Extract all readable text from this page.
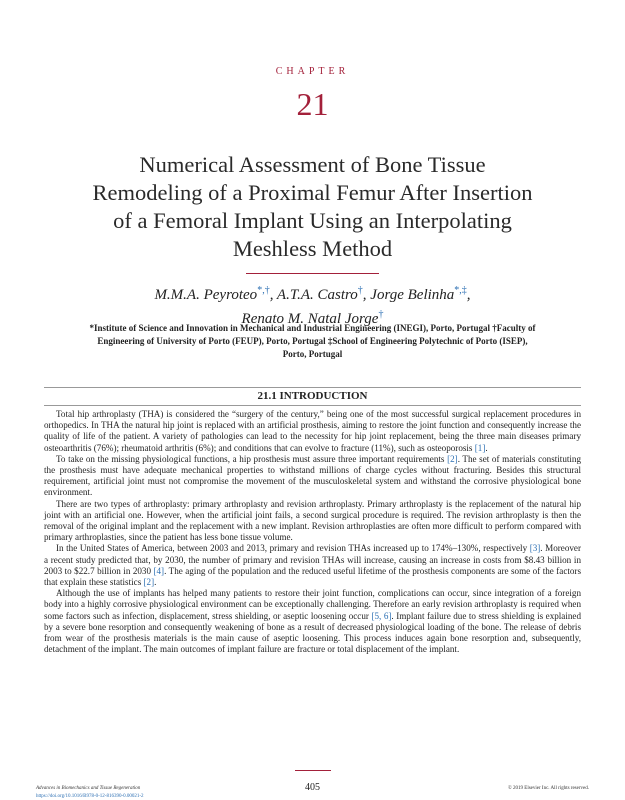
CHAPTER
21
Numerical Assessment of Bone Tissue
Remodeling of a Proximal Femur After Insertion
of a Femoral Implant Using an Interpolating
Meshless Method
M.M.A. Peyroteo*,†, A.T.A. Castro†, Jorge Belinha*,‡,
Renato M. Natal Jorge†
*Institute of Science and Innovation in Mechanical and Industrial Engineering (INEGI), Porto, Portugal †Faculty of
Engineering of University of Porto (FEUP), Porto, Portugal ‡School of Engineering Polytechnic of Porto (ISEP),
Porto, Portugal
21.1 INTRODUCTION

Total hip arthroplasty (THA) is considered the “surgery of the century,” being one of the most successful surgical replacement procedures in orthopedics. In THA the natural hip joint is replaced with an artificial prosthesis, aiming to restore the joint function and consequently increase the quality of life of the patient. A variety of pathologies can lead to the necessity for hip joint replacement, being the three main diseases primary osteoarthritis (76%); rheumatoid arthritis (6%); and conditions that can evolve to fracture (11%), such as osteoporosis [1].

To take on the missing physiological functions, a hip prosthesis must assure three important requirements [2]. The set of materials constituting the prosthesis must have adequate mechanical properties to withstand millions of charge cycles without fracturing. Besides this structural requirement, artificial joint must not compromise the movement of the musculoskeletal system and withstand the corrosive physiological bone environment.

There are two types of arthroplasty: primary arthroplasty and revision arthroplasty. Primary arthroplasty is the replacement of the natural hip joint with an artificial one. However, when the artificial joint fails, a second surgical procedure is required. The revision arthroplasty is then the removal of the original implant and the replacement with a new implant. Revision arthroplasties are often more difficult to perform compared with primary arthroplasties, since the patient has less bone tissue volume.

In the United States of America, between 2003 and 2013, primary and revision THAs increased up to 174%–130%, respectively [3]. Moreover a recent study predicted that, by 2030, the number of primary and revision THAs will increase, causing an increase in costs from $8.43 billion in 2003 to $22.7 billion in 2030 [4]. The aging of the population and the reduced useful lifetime of the prosthesis components are some of the factors that explain these statistics [2].

Although the use of implants has helped many patients to restore their joint function, complications can occur, since integration of a foreign body into a highly corrosive physiological environment can be exceptionally challenging. Therefore an early revision arthroplasty is required when some factors such as infection, displacement, stress shielding, or aseptic loosening occur [5, 6]. Implant failure due to stress shielding is explained by a severe bone resorption and consequently weakening of bone as a result of decreased physiological loading of the bone. The release of debris from wear of the prosthesis materials is the main cause of aseptic loosening. This process induces again bone resorption and, subsequently, detachment of the implant. The main outcomes of implant failure are fracture or total displacement of the implant.

Advances in Biomechanics and Tissue Regeneration
https://doi.org/10.1016/B978-0-12-816390-0.00021-2
405	© 2019 Elsevier Inc. All rights reserved.
